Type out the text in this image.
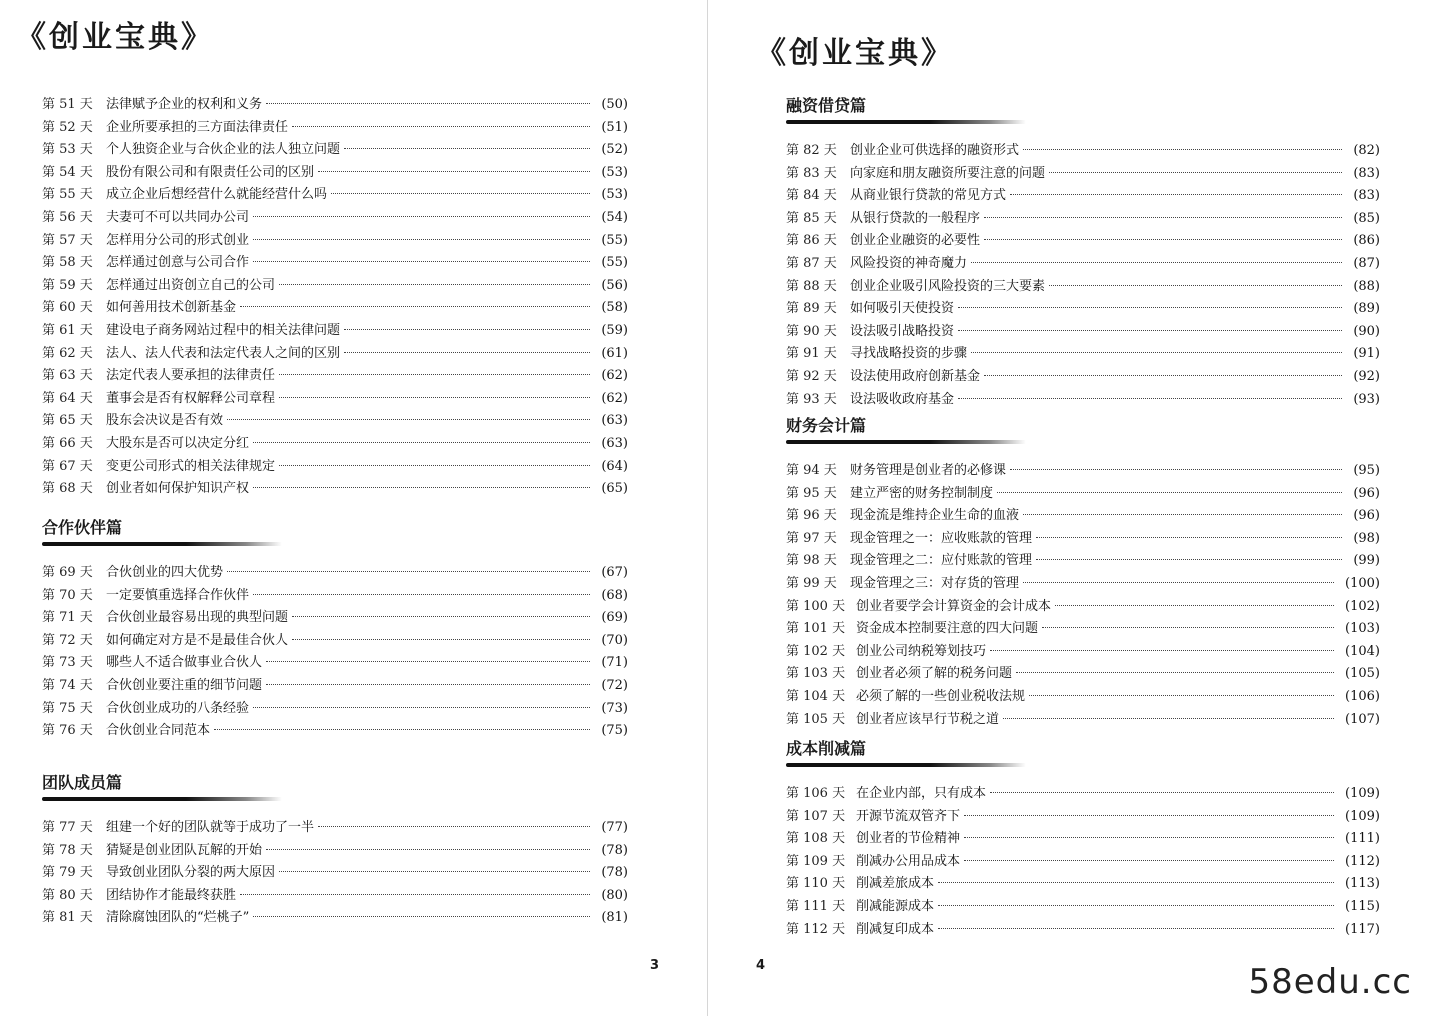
《创业宝典》
第 51 天	法律赋予企业的权利和义务	(50)
第 52 天	企业所要承担的三方面法律责任	(51)
第 53 天	个人独资企业与合伙企业的法人独立问题	(52)
第 54 天	股份有限公司和有限责任公司的区别	(53)
第 55 天	成立企业后想经营什么就能经营什么吗	(53)
第 56 天	夫妻可不可以共同办公司	(54)
第 57 天	怎样用分公司的形式创业	(55)
第 58 天	怎样通过创意与公司合作	(55)
第 59 天	怎样通过出资创立自己的公司	(56)
第 60 天	如何善用技术创新基金	(58)
第 61 天	建设电子商务网站过程中的相关法律问题	(59)
第 62 天	法人、法人代表和法定代表人之间的区别	(61)
第 63 天	法定代表人要承担的法律责任	(62)
第 64 天	董事会是否有权解释公司章程	(62)
第 65 天	股东会决议是否有效	(63)
第 66 天	大股东是否可以决定分红	(63)
第 67 天	变更公司形式的相关法律规定	(64)
第 68 天	创业者如何保护知识产权	(65)
合作伙伴篇
第 69 天	合伙创业的四大优势	(67)
第 70 天	一定要慎重选择合作伙伴	(68)
第 71 天	合伙创业最容易出现的典型问题	(69)
第 72 天	如何确定对方是不是最佳合伙人	(70)
第 73 天	哪些人不适合做事业合伙人	(71)
第 74 天	合伙创业要注重的细节问题	(72)
第 75 天	合伙创业成功的八条经验	(73)
第 76 天	合伙创业合同范本	(75)
团队成员篇
第 77 天	组建一个好的团队就等于成功了一半	(77)
第 78 天	猜疑是创业团队瓦解的开始	(78)
第 79 天	导致创业团队分裂的两大原因	(78)
第 80 天	团结协作才能最终获胜	(80)
第 81 天	清除腐蚀团队的“烂桃子”	(81)
3
《创业宝典》
融资借贷篇
第 82 天	创业企业可供选择的融资形式	(82)
第 83 天	向家庭和朋友融资所要注意的问题	(83)
第 84 天	从商业银行贷款的常见方式	(83)
第 85 天	从银行贷款的一般程序	(85)
第 86 天	创业企业融资的必要性	(86)
第 87 天	风险投资的神奇魔力	(87)
第 88 天	创业企业吸引风险投资的三大要素	(88)
第 89 天	如何吸引天使投资	(89)
第 90 天	设法吸引战略投资	(90)
第 91 天	寻找战略投资的步骤	(91)
第 92 天	设法使用政府创新基金	(92)
第 93 天	设法吸收政府基金	(93)
财务会计篇
第 94 天	财务管理是创业者的必修课	(95)
第 95 天	建立严密的财务控制制度	(96)
第 96 天	现金流是维持企业生命的血液	(96)
第 97 天	现金管理之一：应收账款的管理	(98)
第 98 天	现金管理之二：应付账款的管理	(99)
第 99 天	现金管理之三：对存货的管理	(100)
第 100 天 创业者要学会计算资金的会计成本	(102)
第 101 天 资金成本控制要注意的四大问题	(103)
第 102 天 创业公司纳税筹划技巧	(104)
第 103 天 创业者必须了解的税务问题	(105)
第 104 天 必须了解的一些创业税收法规	(106)
第 105 天 创业者应该早行节税之道	(107)
成本削减篇
第 106 天 在企业内部，只有成本	(109)
第 107 天 开源节流双管齐下	(109)
第 108 天 创业者的节俭精神	(111)
第 109 天 削减办公用品成本	(112)
第 110 天 削减差旅成本	(113)
第 111 天 削减能源成本	(115)
第 112 天 削减复印成本	(117)
4	58edu.cc
